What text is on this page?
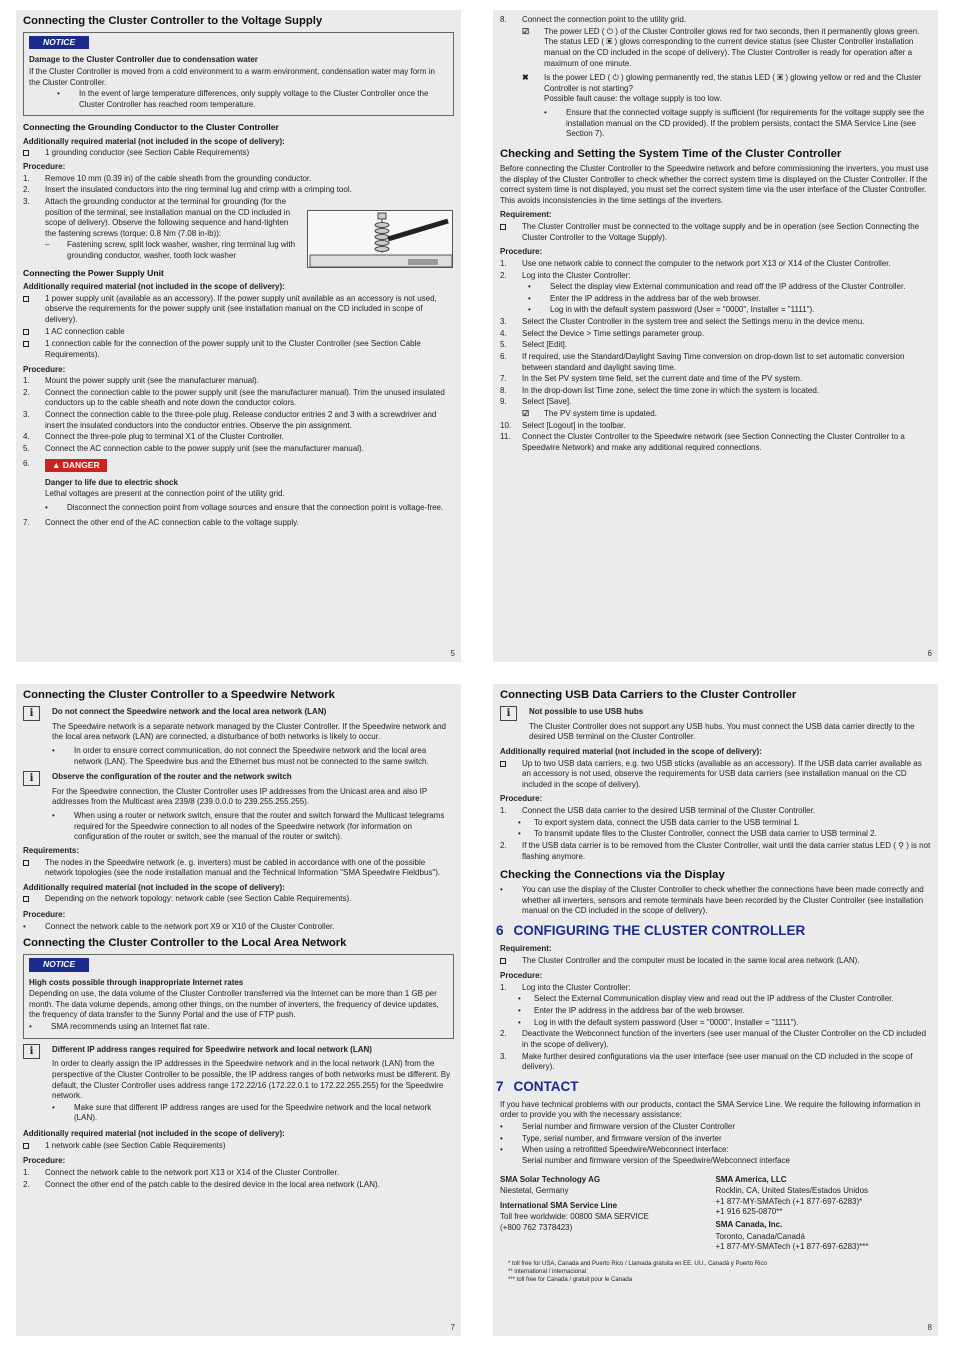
Connecting the Cluster Controller to the Voltage Supply
NOTICE
Damage to the Cluster Controller due to condensation water
If the Cluster Controller is moved from a cold environment to a warm environment, condensation water may form in the Cluster Controller.
•	In the event of large temperature differences, only supply voltage to the Cluster Controller once the Cluster Controller has reached room temperature.
Connecting the Grounding Conductor to the Cluster Controller
Additionally required material (not included in the scope of delivery):
1 grounding conductor (see Section Cable Requirements)
Procedure:
1.	Remove 10 mm (0.39 in) of the cable sheath from the grounding conductor.
2.	Insert the insulated conductors into the ring terminal lug and crimp with a crimping tool.
3.	Attach the grounding conductor at the terminal for grounding (for the position of the terminal, see installation manual on the CD included in scope of delivery). Observe the following sequence and hand-tighten the fastening screws (torque: 0.8 Nm (7.08 in-lb)):
–	Fastening screw, split lock washer, washer, ring terminal lug with grounding conductor, washer, tooth lock washer
Connecting the Power Supply Unit
Additionally required material (not included in the scope of delivery):
1 power supply unit (available as an accessory). If the power supply unit available as an accessory is not used, observe the requirements for the power supply unit (see installation manual on the CD included in scope of delivery).
1 AC connection cable
1 connection cable for the connection of the power supply unit to the Cluster Controller (see Section Cable Requirements).
Procedure:
1.	Mount the power supply unit (see the manufacturer manual).
2.	Connect the connection cable to the power supply unit (see the manufacturer manual). Trim the unused insulated conductors up to the cable sheath and note down the conductor colors.
3.	Connect the connection cable to the three-pole plug. Release conductor entries 2 and 3 with a screwdriver and insert the insulated conductors into the conductor entries. Observe the pin assignment.
4.	Connect the three-pole plug to terminal X1 of the Cluster Controller.
5.	Connect the AC connection cable to the power supply unit (see the manufacturer manual).
6.	▲ DANGER
Danger to life due to electric shock
Lethal voltages are present at the connection point of the utility grid.
•	Disconnect the connection point from voltage sources and ensure that the connection point is voltage-free.
7.	Connect the other end of the AC connection cable to the voltage supply.
5
8.	Connect the connection point to the utility grid.
☑	The power LED ( ⏻ ) of the Cluster Controller glows red for two seconds, then it permanently glows green. The status LED ( ▣ ) glows corresponding to the current device status (see Cluster Controller installation manual on the CD included in the scope of delivery). The Cluster Controller is ready for operation after a maximum of one minute.
✖	Is the power LED ( ⏻ ) glowing permanently red, the status LED ( ▣ ) glowing yellow or red and the Cluster Controller is not starting?
Possible fault cause: the voltage supply is too low.
•	Ensure that the connected voltage supply is sufficient (for requirements for the voltage supply see the installation manual on the CD provided). If the problem persists, contact the SMA Service Line (see Section 7).
Checking and Setting the System Time of the Cluster Controller
Before connecting the Cluster Controller to the Speedwire network and before commissioning the inverters, you must use the display of the Cluster Controller to check whether the correct system time is displayed on the Cluster Controller. If the correct system time is not displayed, you must set the correct system time via the user interface of the Cluster Controller. This avoids inconsistencies in the time settings of the inverters.
Requirement:
The Cluster Controller must be connected to the voltage supply and be in operation (see Section Connecting the Cluster Controller to the Voltage Supply).
Procedure:
1.	Use one network cable to connect the computer to the network port X13 or X14 of the Cluster Controller.
2.	Log into the Cluster Controller:
•	Select the display view External communication and read off the IP address of the Cluster Controller.
•	Enter the IP address in the address bar of the web browser.
•	Log in with the default system password (User = "0000", Installer = "1111").
3.	Select the Cluster Controller in the system tree and select the Settings menu in the device menu.
4.	Select the Device > Time settings parameter group.
5.	Select [Edit].
6.	If required, use the Standard/Daylight Saving Time conversion on drop-down list to set automatic conversion between standard and daylight saving time.
7.	In the Set PV system time field, set the current date and time of the PV system.
8.	In the drop-down list Time zone, select the time zone in which the system is located.
9.	Select [Save].
☑	The PV system time is updated.
10.	Select [Logout] in the toolbar.
11.	Connect the Cluster Controller to the Speedwire network (see Section Connecting the Cluster Controller to a Speedwire Network) and make any additional required connections.
6
Connecting the Cluster Controller to a Speedwire Network
i	Do not connect the Speedwire network and the local area network (LAN)
The Speedwire network is a separate network managed by the Cluster Controller. If the Speedwire network and the local area network (LAN) are connected, a disturbance of both networks is likely to occur.
•	In order to ensure correct communication, do not connect the Speedwire network and the local area network (LAN). The Speedwire bus and the Ethernet bus must not be connected to the same switch.
i	Observe the configuration of the router and the network switch
For the Speedwire connection, the Cluster Controller uses IP addresses from the Unicast area and also IP addresses from the Multicast area 239/8 (239.0.0.0 to 239.255.255.255).
•	When using a router or network switch, ensure that the router and switch forward the Multicast telegrams required for the Speedwire connection to all nodes of the Speedwire network (for information on configuration of the router or switch, see the manual of the router or switch).
Requirements:
The nodes in the Speedwire network (e. g. inverters) must be cabled in accordance with one of the possible network topologies (see the node installation manual and the Technical Information "SMA Speedwire Fieldbus").
Additionally required material (not included in the scope of delivery):
Depending on the network topology: network cable (see Section Cable Requirements).
Procedure:
•	Connect the network cable to the network port X9 or X10 of the Cluster Controller.
Connecting the Cluster Controller to the Local Area Network
NOTICE
High costs possible through inappropriate Internet rates
Depending on use, the data volume of the Cluster Controller transferred via the Internet can be more than 1 GB per month. The data volume depends, among other things, on the number of inverters, the frequency of device updates, the frequency of data transfer to the Sunny Portal and the use of FTP push.
•	SMA recommends using an Internet flat rate.
i	Different IP address ranges required for Speedwire network and local network (LAN)
In order to clearly assign the IP addresses in the Speedwire network and in the local network (LAN) from the perspective of the Cluster Controller to be possible, the IP address ranges of both networks must be different. By default, the Cluster Controller uses address range 172.22/16 (172.22.0.1 to 172.22.255.255) for the Speedwire network.
•	Make sure that different IP address ranges are used for the Speedwire network and the local network (LAN).
Additionally required material (not included in the scope of delivery):
1 network cable (see Section Cable Requirements)
Procedure:
1.	Connect the network cable to the network port X13 or X14 of the Cluster Controller.
2.	Connect the other end of the patch cable to the desired device in the local area network (LAN).
7
Connecting USB Data Carriers to the Cluster Controller
i	Not possible to use USB hubs
The Cluster Controller does not support any USB hubs. You must connect the USB data carrier directly to the desired USB terminal on the Cluster Controller.
Additionally required material (not included in the scope of delivery):
Up to two USB data carriers, e.g. two USB sticks (available as an accessory). If the USB data carrier available as an accessory is not used, observe the requirements for USB data carriers (see installation manual on the CD included in the scope of delivery).
Procedure:
1.	Connect the USB data carrier to the desired USB terminal of the Cluster Controller.
•	To export system data, connect the USB data carrier to the USB terminal 1.
•	To transmit update files to the Cluster Controller, connect the USB data carrier to USB terminal 2.
2.	If the USB data carrier is to be removed from the Cluster Controller, wait until the data carrier status LED ( ⚲ ) is not flashing anymore.
Checking the Connections via the Display
•	You can use the display of the Cluster Controller to check whether the connections have been made correctly and whether all inverters, sensors and remote terminals have been recorded by the Cluster Controller (see installation manual on the CD included in the scope of delivery).
6 CONFIGURING THE CLUSTER CONTROLLER
Requirement:
The Cluster Controller and the computer must be located in the same local area network (LAN).
Procedure:
1.	Log into the Cluster Controller:
•	Select the External Communication display view and read out the IP address of the Cluster Controller.
•	Enter the IP address in the address bar of the web browser.
•	Log in with the default system password (User = "0000", Installer = "1111").
2.	Deactivate the Webconnect function of the inverters (see user manual of the Cluster Controller on the CD included in the scope of delivery).
3.	Make further desired configurations via the user interface (see user manual on the CD included in the scope of delivery).
7 CONTACT
If you have technical problems with our products, contact the SMA Service Line. We require the following information in order to provide you with the necessary assistance:
•	Serial number and firmware version of the Cluster Controller
•	Type, serial number, and firmware version of the inverter
•	When using a retrofitted Speedwire/Webconnect interface:
Serial number and firmware version of the Speedwire/Webconnect interface
SMA Solar Technology AG
Niestetal, Germany
International SMA Service Line
Toll free worldwide: 00800 SMA SERVICE
(+800 762 7378423)
SMA America, LLC
Rocklin, CA, United States/Estados Unidos
+1 877-MY-SMATech (+1 877-697-6283)*
+1 916 625-0870**
SMA Canada, Inc.
Toronto, Canada/Canadá
+1 877-MY-SMATech (+1 877-697-6283)***
* toll free for USA, Canada and Puerto Rico / Llamada gratuita en EE. UU., Canadá y Puerto Rico
** international / internacional
*** toll free for Canada / gratuit pour le Canada
8
